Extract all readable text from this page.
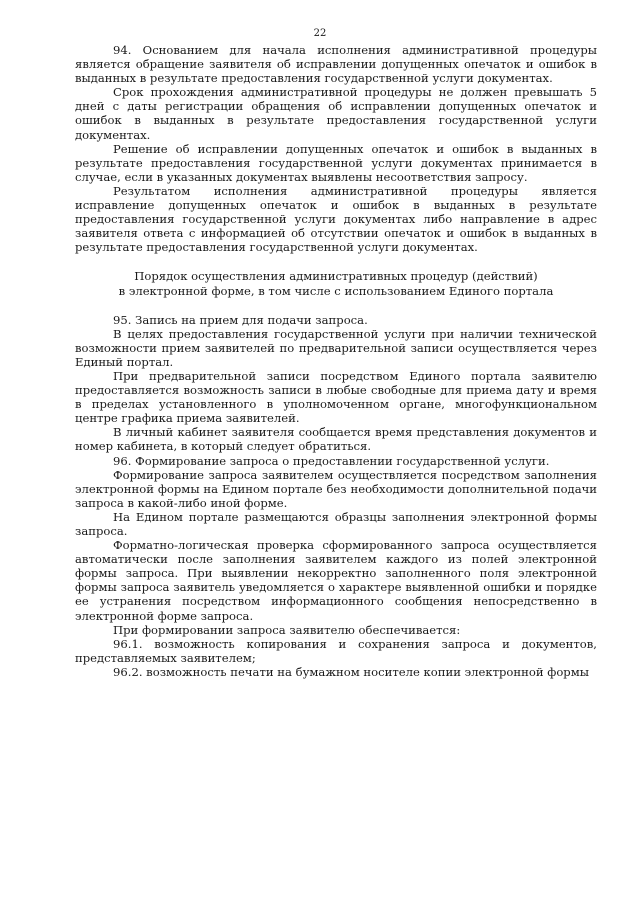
22

94. Основанием для начала исполнения административной процедуры является обращение заявителя об исправлении допущенных опечаток и ошибок в выданных в результате предоставления государственной услуги документах.

Срок прохождения административной процедуры не должен превышать 5 дней с даты регистрации обращения об исправлении допущенных опечаток и ошибок в выданных в результате предоставления государственной услуги документах.

Решение об исправлении допущенных опечаток и ошибок в выданных в результате предоставления государственной услуги документах принимается в случае, если в указанных документах выявлены несоответствия запросу.

Результатом исполнения административной процедуры является исправление допущенных опечаток и ошибок в выданных в результате предоставления государственной услуги документах либо направление в адрес заявителя ответа с информацией об отсутствии опечаток и ошибок в выданных в результате предоставления государственной услуги документах.

Порядок осуществления административных процедур (действий)
в электронной форме, в том числе с использованием Единого портала

95. Запись на прием для подачи запроса.

В целях предоставления государственной услуги при наличии технической возможности прием заявителей по предварительной записи осуществляется через Единый портал.

При предварительной записи посредством Единого портала заявителю предоставляется возможность записи в любые свободные для приема дату и время в пределах установленного в уполномоченном органе, многофункциональном центре графика приема заявителей.

В личный кабинет заявителя сообщается время представления документов и номер кабинета, в который следует обратиться.

96. Формирование запроса о предоставлении государственной услуги.

Формирование запроса заявителем осуществляется посредством заполнения электронной формы на Едином портале без необходимости дополнительной подачи запроса в какой-либо иной форме.

На Едином портале размещаются образцы заполнения электронной формы запроса.

Форматно-логическая проверка сформированного запроса осуществляется автоматически после заполнения заявителем каждого из полей электронной формы запроса. При выявлении некорректно заполненного поля электронной формы запроса заявитель уведомляется о характере выявленной ошибки и порядке ее устранения посредством информационного сообщения непосредственно в электронной форме запроса.

При формировании запроса заявителю обеспечивается:

96.1. возможность копирования и сохранения запроса и документов, представляемых заявителем;

96.2. возможность печати на бумажном носителе копии электронной формы
